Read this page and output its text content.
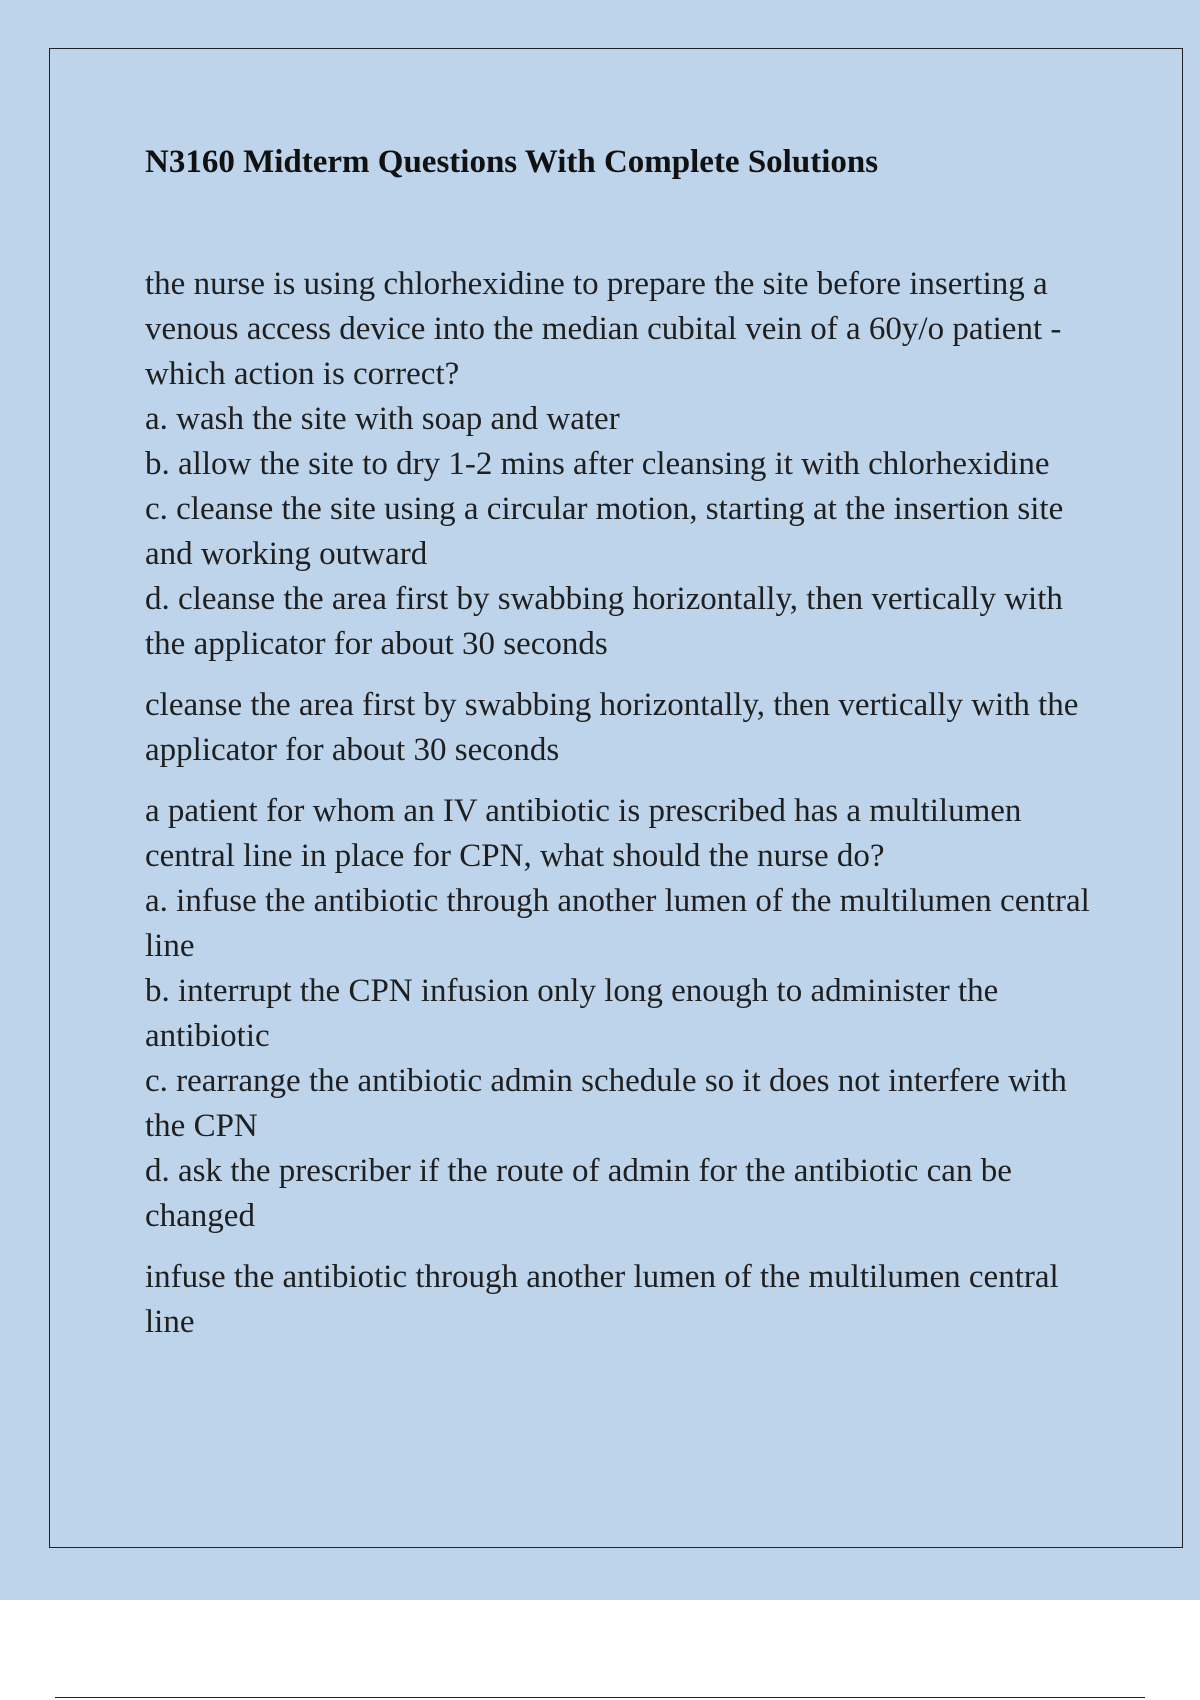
N3160 Midterm Questions With Complete Solutions

the nurse is using chlorhexidine to prepare the site before inserting a venous access device into the median cubital vein of a 60y/o patient - which action is correct?

a. wash the site with soap and water

b. allow the site to dry 1-2 mins after cleansing it with chlorhexidine

c. cleanse the site using a circular motion, starting at the insertion site and working outward

d. cleanse the area first by swabbing horizontally, then vertically with the applicator for about 30 seconds

cleanse the area first by swabbing horizontally, then vertically with the applicator for about 30 seconds

a patient for whom an IV antibiotic is prescribed has a multilumen central line in place for CPN, what should the nurse do?

a. infuse the antibiotic through another lumen of the multilumen central line

b. interrupt the CPN infusion only long enough to administer the antibiotic

c. rearrange the antibiotic admin schedule so it does not interfere with the CPN

d. ask the prescriber if the route of admin for the antibiotic can be changed

infuse the antibiotic through another lumen of the multilumen central line
